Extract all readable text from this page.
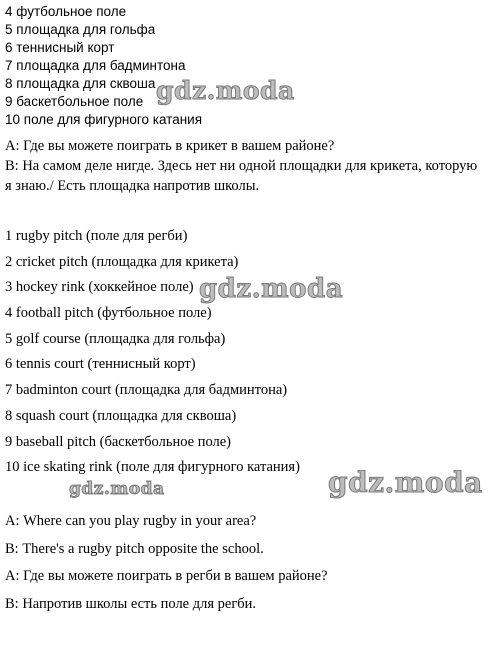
4 футбольное поле
5 площадка для гольфа
6 теннисный корт
7 площадка для бадминтона
8 площадка для сквоша
9 баскетбольное поле
10 поле для фигурного катания
А: Где вы можете поиграть в крикет в вашем районе?
В: На самом деле нигде. Здесь нет ни одной площадки для крикета, которую
я знаю./ Есть площадка напротив школы.
1 rugby pitch (поле для регби)
2 cricket pitch (площадка для крикета)
3 hockey rink (хоккейное поле)
4 football pitch (футбольное поле)
5 golf course (площадка для гольфа)
6 tennis court (теннисный корт)
7 badminton court (площадка для бадминтона)
8 squash court (площадка для сквоша)
9 baseball pitch (баскетбольное поле)
10 ice skating rink (поле для фигурного катания)
А: Where can you play rugby in your area?
В: There's a rugby pitch opposite the school.
А: Где вы можете поиграть в регби в вашем районе?
В: Напротив школы есть поле для регби.
gdz.moda
gdz.moda
gdz.moda	gdz.moda
